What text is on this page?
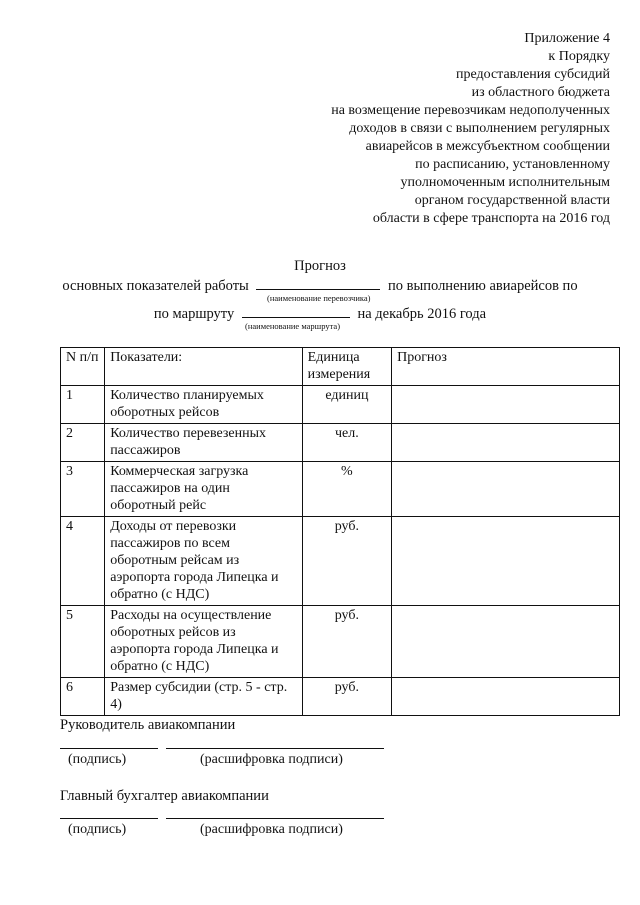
Приложение 4
к Порядку
предоставления субсидий
из областного бюджета
на возмещение перевозчикам недополученных
доходов в связи с выполнением регулярных
авиарейсов в межсубъектном сообщении
по расписанию, установленному
уполномоченным исполнительным
органом государственной власти
области в сфере транспорта на 2016 год
Прогноз
основных показателей работы	по выполнению авиарейсов по
(наименование перевозчика)
по маршруту	на декабрь 2016 года
(наименование маршрута)
N п/п	Показатели:	Единица измерения	Прогноз
1	Количество планируемых оборотных рейсов	единиц	
2	Количество перевезенных пассажиров	чел.	
3	Коммерческая загрузка пассажиров на один оборотный рейс	%	
4	Доходы от перевозки пассажиров по всем оборотным рейсам из аэропорта города Липецка и обратно (с НДС)	руб.	
5	Расходы на осуществление оборотных рейсов из аэропорта города Липецка и обратно (с НДС)	руб.	
6	Размер субсидии (стр. 5 - стр. 4)	руб.	
Руководитель авиакомпании
(подпись)	(расшифровка подписи)
Главный бухгалтер авиакомпании
(подпись)	(расшифровка подписи)
